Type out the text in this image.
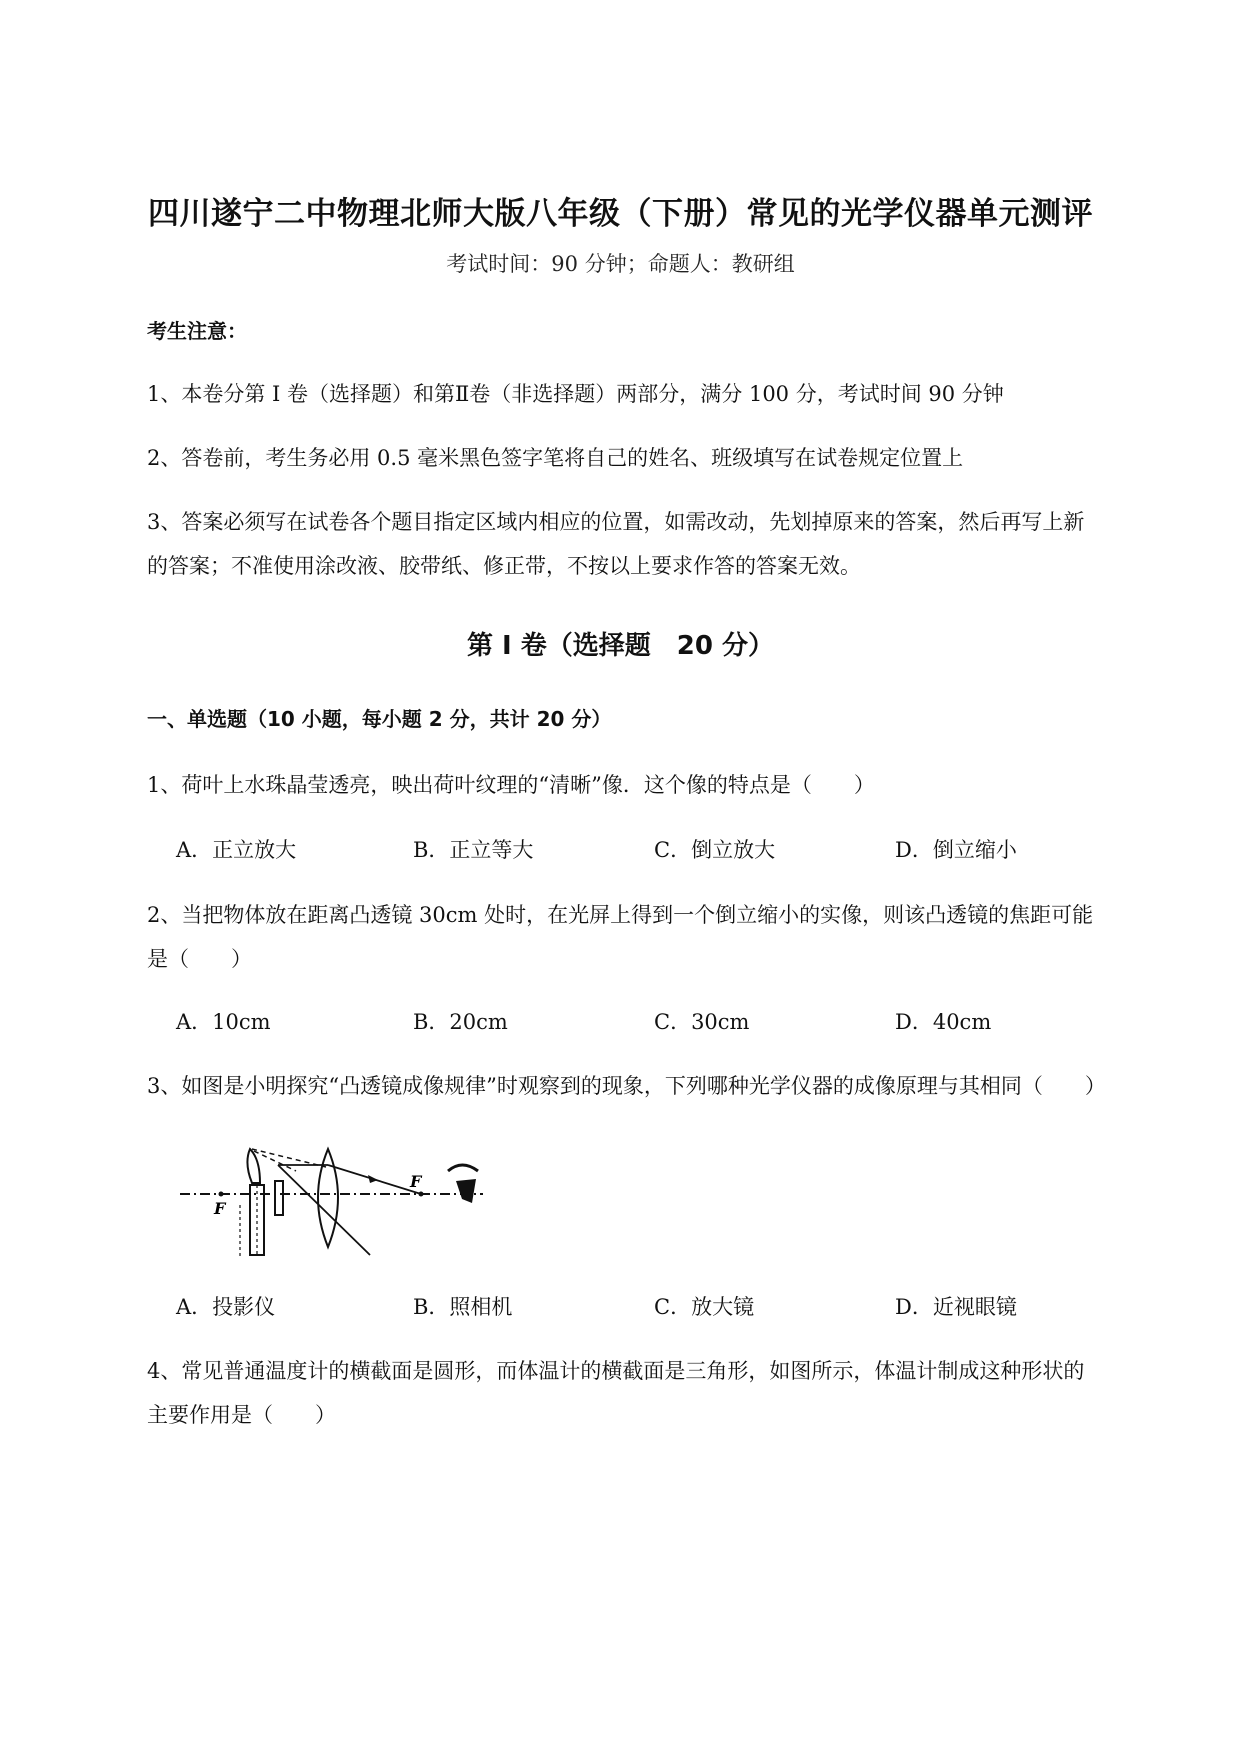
四川遂宁二中物理北师大版八年级（下册）常见的光学仪器单元测评
考试时间：90 分钟；命题人：教研组
考生注意：
1、本卷分第 I 卷（选择题）和第Ⅱ卷（非选择题）两部分，满分 100 分，考试时间 90 分钟
2、答卷前，考生务必用 0.5 毫米黑色签字笔将自己的姓名、班级填写在试卷规定位置上
3、答案必须写在试卷各个题目指定区域内相应的位置，如需改动，先划掉原来的答案，然后再写上新
的答案；不准使用涂改液、胶带纸、修正带，不按以上要求作答的答案无效。
第 I 卷（选择题　20 分）
一、单选题（10 小题，每小题 2 分，共计 20 分）
1、荷叶上水珠晶莹透亮，映出荷叶纹理的“清晰”像．这个像的特点是（　　）
A．正立放大	B．正立等大	C．倒立放大	D．倒立缩小
2、当把物体放在距离凸透镜 30cm 处时，在光屏上得到一个倒立缩小的实像，则该凸透镜的焦距可能
是（　　）
A．10cm	B．20cm	C．30cm	D．40cm
3、如图是小明探究“凸透镜成像规律”时观察到的现象，下列哪种光学仪器的成像原理与其相同（　　）
F
F
A．投影仪	B．照相机	C．放大镜	D．近视眼镜
4、常见普通温度计的横截面是圆形，而体温计的横截面是三角形，如图所示，体温计制成这种形状的
主要作用是（　　）
